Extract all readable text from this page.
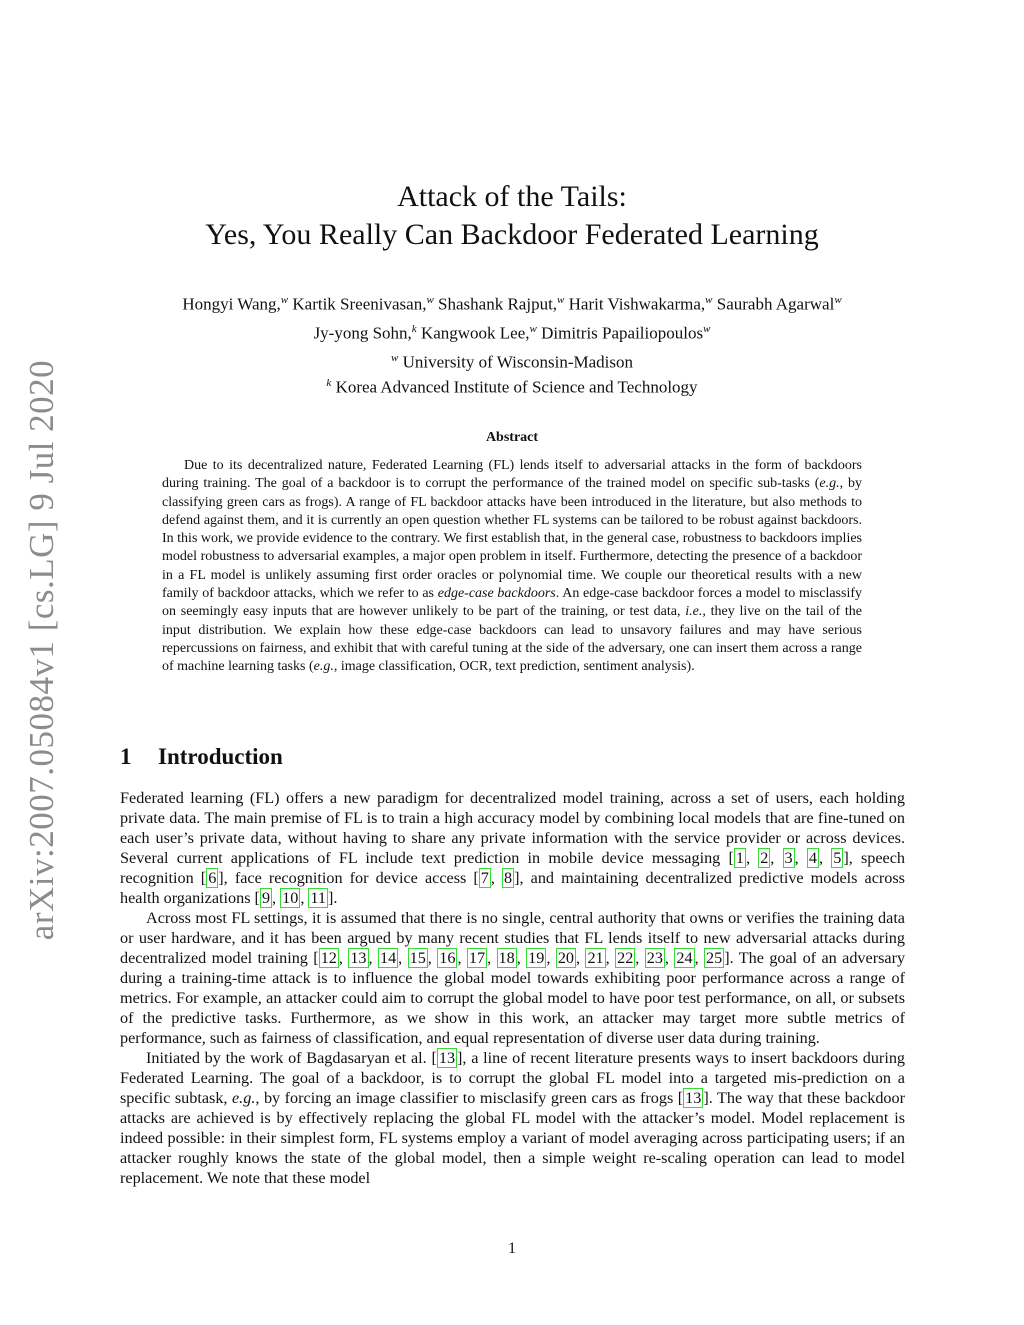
arXiv:2007.05084v1 [cs.LG] 9 Jul 2020
Attack of the Tails:
Yes, You Really Can Backdoor Federated Learning
Hongyi Wang,$^w$ Kartik Sreenivasan,$^w$ Shashank Rajput,$^w$ Harit Vishwakarma,$^w$ Saurabh Agarwal$^w$
Jy-yong Sohn,$^k$ Kangwook Lee,$^w$ Dimitris Papailiopoulos$^w$
$^w$ University of Wisconsin-Madison
$^k$ Korea Advanced Institute of Science and Technology
Abstract
Due to its decentralized nature, Federated Learning (FL) lends itself to adversarial attacks in the form of backdoors during training. The goal of a backdoor is to corrupt the performance of the trained model on specific sub-tasks (e.g., by classifying green cars as frogs). A range of FL backdoor attacks have been introduced in the literature, but also methods to defend against them, and it is currently an open question whether FL systems can be tailored to be robust against backdoors. In this work, we provide evidence to the contrary. We first establish that, in the general case, robustness to backdoors implies model robustness to adversarial examples, a major open problem in itself. Furthermore, detecting the presence of a backdoor in a FL model is unlikely assuming first order oracles or polynomial time. We couple our theoretical results with a new family of backdoor attacks, which we refer to as edge-case backdoors. An edge-case backdoor forces a model to misclassify on seemingly easy inputs that are however unlikely to be part of the training, or test data, i.e., they live on the tail of the input distribution. We explain how these edge-case backdoors can lead to unsavory failures and may have serious repercussions on fairness, and exhibit that with careful tuning at the side of the adversary, one can insert them across a range of machine learning tasks (e.g., image classification, OCR, text prediction, sentiment analysis).
1 Introduction

Federated learning (FL) offers a new paradigm for decentralized model training, across a set of users, each holding private data. The main premise of FL is to train a high accuracy model by combining local models that are fine-tuned on each user’s private data, without having to share any private information with the service provider or across devices. Several current applications of FL include text prediction in mobile device messaging [ 1 , 2 , 3 , 4 , 5 ], speech recognition [ 6 ], face recognition for device access [ 7 , 8 ], and maintaining decentralized predictive models across health organizations [ 9 , 10 , 11 ].

Across most FL settings, it is assumed that there is no single, central authority that owns or verifies the training data or user hardware, and it has been argued by many recent studies that FL lends itself to new adversarial attacks during decentralized model training [ 12 , 13 , 14 , 15 , 16 , 17 , 18 , 19 , 20 , 21 , 22 , 23 , 24 , 25 ]. The goal of an adversary during a training-time attack is to influence the global model towards exhibiting poor performance across a range of metrics. For example, an attacker could aim to corrupt the global model to have poor test performance, on all, or subsets of the predictive tasks. Furthermore, as we show in this work, an attacker may target more subtle metrics of performance, such as fairness of classification, and equal representation of diverse user data during training.

Initiated by the work of Bagdasaryan et al. [ 13 ], a line of recent literature presents ways to insert backdoors during Federated Learning. The goal of a backdoor, is to corrupt the global FL model into a targeted mis-prediction on a specific subtask, e.g., by forcing an image classifier to misclasify green cars as frogs [ 13 ]. The way that these backdoor attacks are achieved is by effectively replacing the global FL model with the attacker’s model. Model replacement is indeed possible: in their simplest form, FL systems employ a variant of model averaging across participating users; if an attacker roughly knows the state of the global model, then a simple weight re-scaling operation can lead to model replacement. We note that these model

1
